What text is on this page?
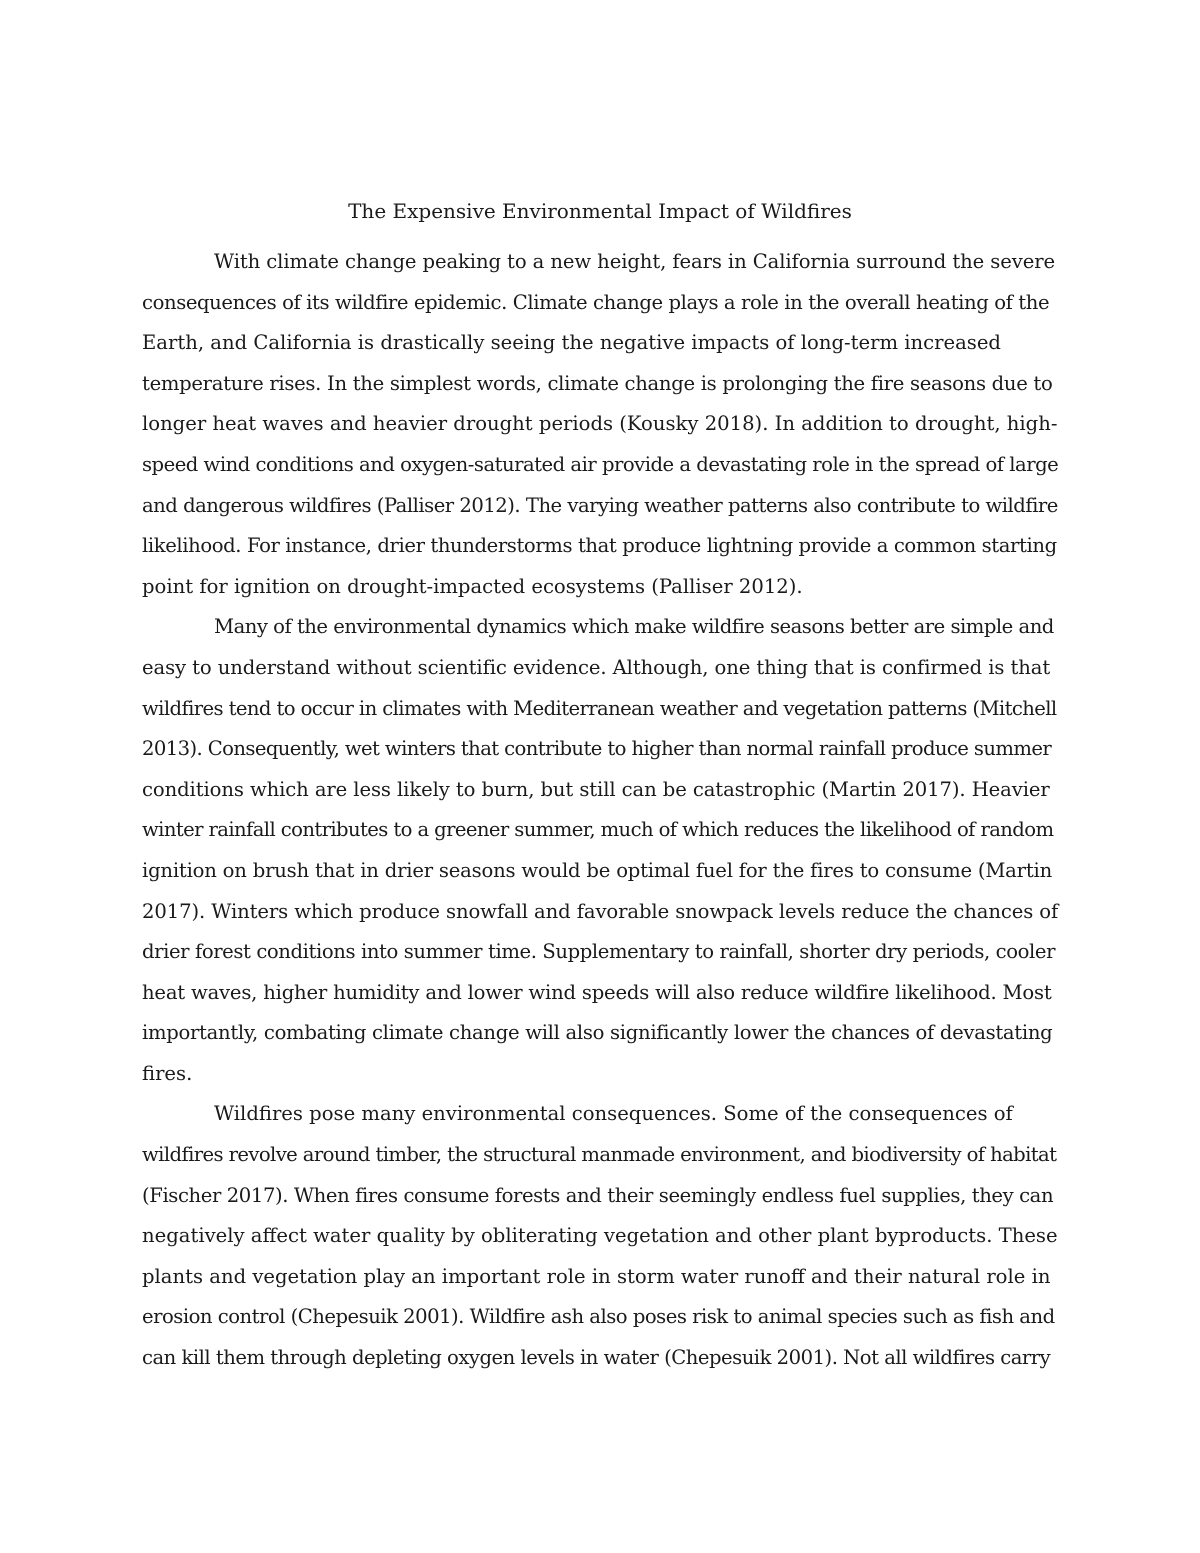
The Expensive Environmental Impact of Wildfires
With climate change peaking to a new height, fears in California surround the severe
consequences of its wildfire epidemic. Climate change plays a role in the overall heating of the
Earth, and California is drastically seeing the negative impacts of long-term increased
temperature rises. In the simplest words, climate change is prolonging the fire seasons due to
longer heat waves and heavier drought periods (Kousky 2018). In addition to drought, high-
speed wind conditions and oxygen-saturated air provide a devastating role in the spread of large
and dangerous wildfires (Palliser 2012). The varying weather patterns also contribute to wildfire
likelihood. For instance, drier thunderstorms that produce lightning provide a common starting
point for ignition on drought-impacted ecosystems (Palliser 2012).
Many of the environmental dynamics which make wildfire seasons better are simple and
easy to understand without scientific evidence. Although, one thing that is confirmed is that
wildfires tend to occur in climates with Mediterranean weather and vegetation patterns (Mitchell
2013). Consequently, wet winters that contribute to higher than normal rainfall produce summer
conditions which are less likely to burn, but still can be catastrophic (Martin 2017). Heavier
winter rainfall contributes to a greener summer, much of which reduces the likelihood of random
ignition on brush that in drier seasons would be optimal fuel for the fires to consume (Martin
2017). Winters which produce snowfall and favorable snowpack levels reduce the chances of
drier forest conditions into summer time. Supplementary to rainfall, shorter dry periods, cooler
heat waves, higher humidity and lower wind speeds will also reduce wildfire likelihood. Most
importantly, combating climate change will also significantly lower the chances of devastating
fires.
Wildfires pose many environmental consequences. Some of the consequences of
wildfires revolve around timber, the structural manmade environment, and biodiversity of habitat
(Fischer 2017). When fires consume forests and their seemingly endless fuel supplies, they can
negatively affect water quality by obliterating vegetation and other plant byproducts. These
plants and vegetation play an important role in storm water runoff and their natural role in
erosion control (Chepesuik 2001). Wildfire ash also poses risk to animal species such as fish and
can kill them through depleting oxygen levels in water (Chepesuik 2001). Not all wildfires carry
